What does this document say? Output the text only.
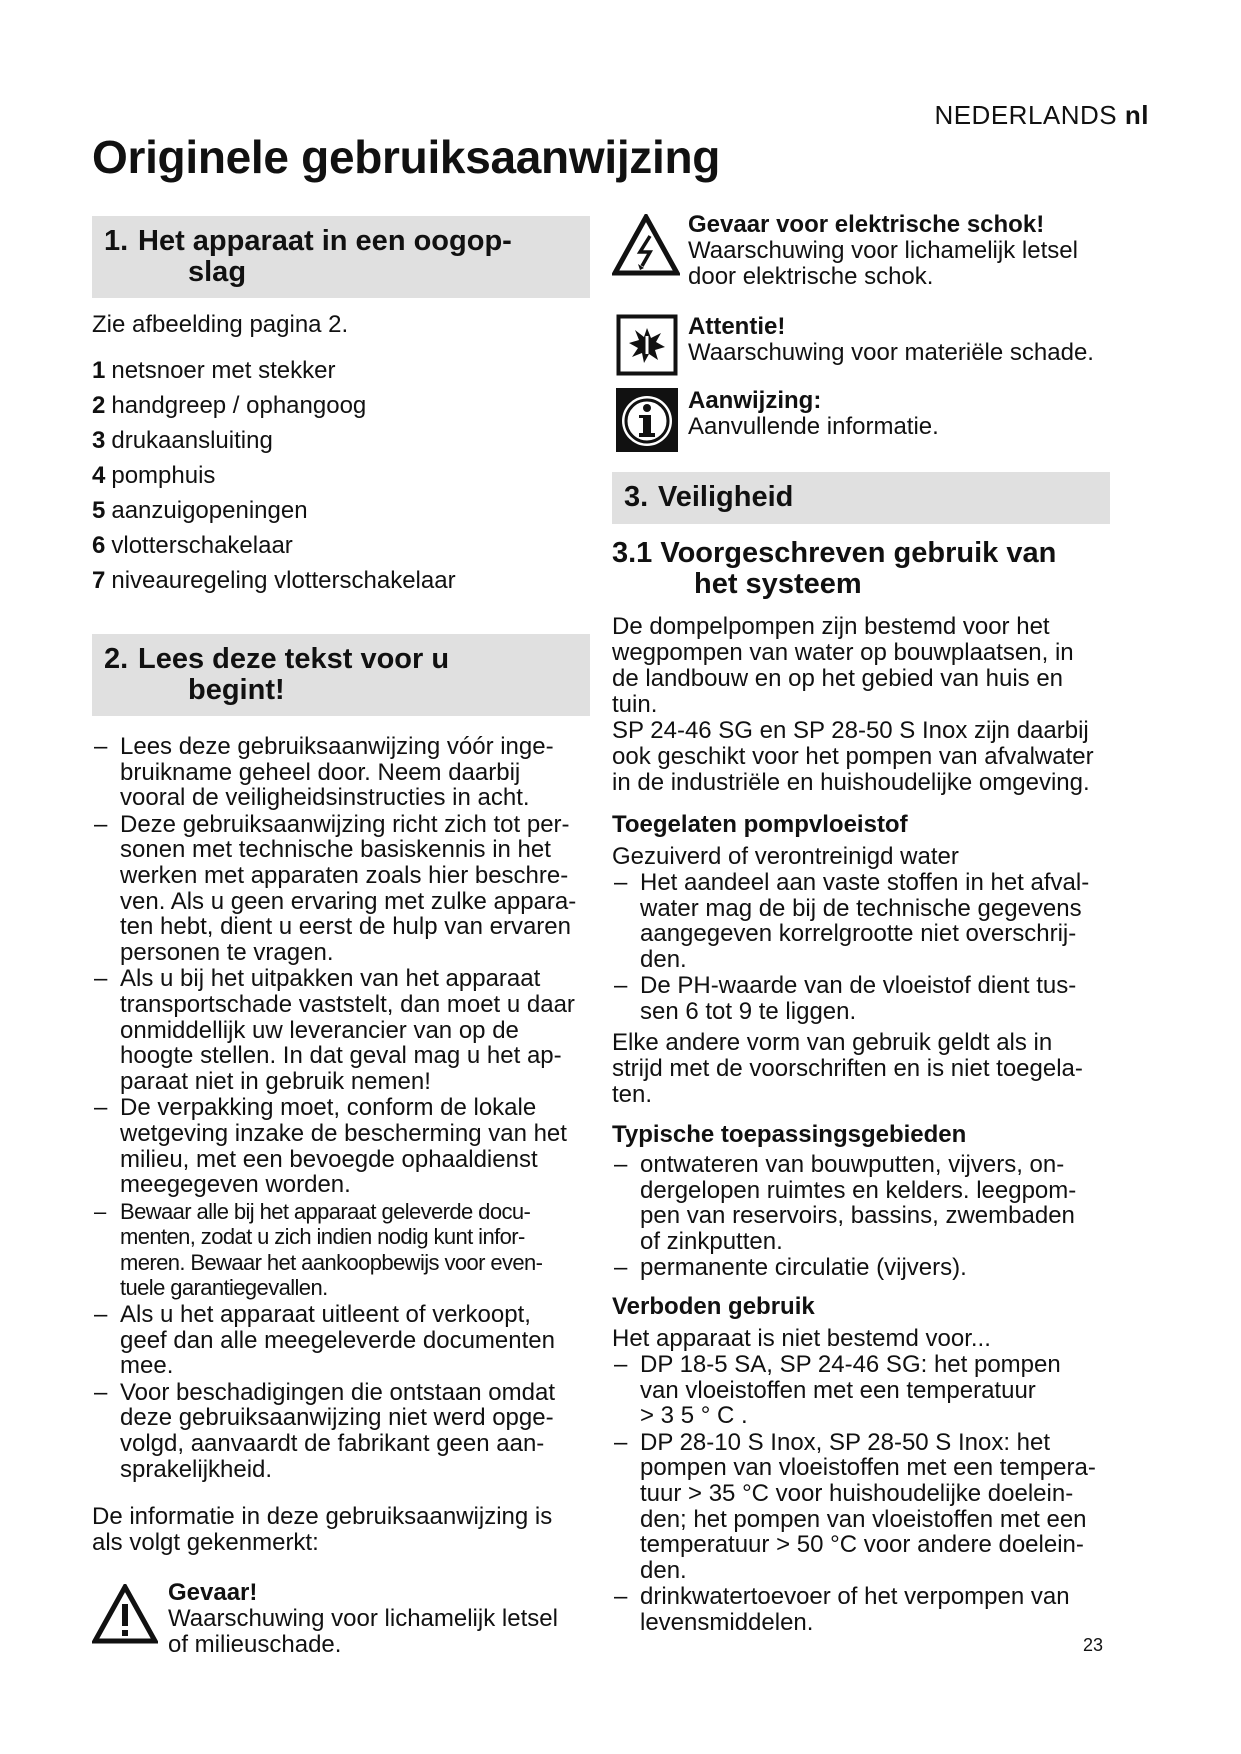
NEDERLANDS nl
Originele gebruiksaanwijzing
1. Het apparaat in een oogop-
slag
Zie afbeelding pagina 2.
1 netsnoer met stekker
2 handgreep / ophangoog
3 drukaansluiting
4 pomphuis
5 aanzuigopeningen
6 vlotterschakelaar
7 niveauregeling vlotterschakelaar
2. Lees deze tekst voor u
begint!
– Lees deze gebruiksaanwijzing vóór inge-
bruikname geheel door. Neem daarbij
vooral de veiligheidsinstructies in acht.
– Deze gebruiksaanwijzing richt zich tot per-
sonen met technische basiskennis in het
werken met apparaten zoals hier beschre-
ven. Als u geen ervaring met zulke appara-
ten hebt, dient u eerst de hulp van ervaren
personen te vragen.
– Als u bij het uitpakken van het apparaat
transportschade vaststelt, dan moet u daar
onmiddellijk uw leverancier van op de
hoogte stellen. In dat geval mag u het ap-
paraat niet in gebruik nemen!
– De verpakking moet, conform de lokale
wetgeving inzake de bescherming van het
milieu, met een bevoegde ophaaldienst
meegegeven worden.
– Bewaar alle bij het apparaat geleverde docu-
menten, zodat u zich indien nodig kunt infor-
meren. Bewaar het aankoopbewijs voor even-
tuele garantiegevallen.
– Als u het apparaat uitleent of verkoopt,
geef dan alle meegeleverde documenten
mee.
– Voor beschadigingen die ontstaan omdat
deze gebruiksaanwijzing niet werd opge-
volgd, aanvaardt de fabrikant geen aan-
sprakelijkheid.
De informatie in deze gebruiksaanwijzing is
als volgt gekenmerkt:
Gevaar!
Waarschuwing voor lichamelijk letsel
of milieuschade.
Gevaar voor elektrische schok!
Waarschuwing voor lichamelijk letsel
door elektrische schok.
Attentie!
Waarschuwing voor materiële schade.
Aanwijzing:
Aanvullende informatie.
3. Veiligheid
3.1 Voorgeschreven gebruik van
het systeem
De dompelpompen zijn bestemd voor het
wegpompen van water op bouwplaatsen, in
de landbouw en op het gebied van huis en
tuin.
SP 24-46 SG en SP 28-50 S Inox zijn daarbij
ook geschikt voor het pompen van afvalwater
in de industriële en huishoudelijke omgeving.
Toegelaten pompvloeistof
Gezuiverd of verontreinigd water
– Het aandeel aan vaste stoffen in het afval-
water mag de bij de technische gegevens
aangegeven korrelgrootte niet overschrij-
den.
– De PH-waarde van de vloeistof dient tus-
sen 6 tot 9 te liggen.
Elke andere vorm van gebruik geldt als in
strijd met de voorschriften en is niet toegela-
ten.
Typische toepassingsgebieden
– ontwateren van bouwputten, vijvers, on-
dergelopen ruimtes en kelders. leegpom-
pen van reservoirs, bassins, zwembaden
of zinkputten.
– permanente circulatie (vijvers).
Verboden gebruik
Het apparaat is niet bestemd voor...
– DP 18-5 SA, SP 24-46 SG: het pompen
van vloeistoffen met een temperatuur
> 3 5 ° C .
– DP 28-10 S Inox, SP 28-50 S Inox: het
pompen van vloeistoffen met een tempera-
tuur > 35 °C voor huishoudelijke doelein-
den; het pompen van vloeistoffen met een
temperatuur > 50 °C voor andere doelein-
den.
– drinkwatertoevoer of het verpompen van
levensmiddelen.
23
